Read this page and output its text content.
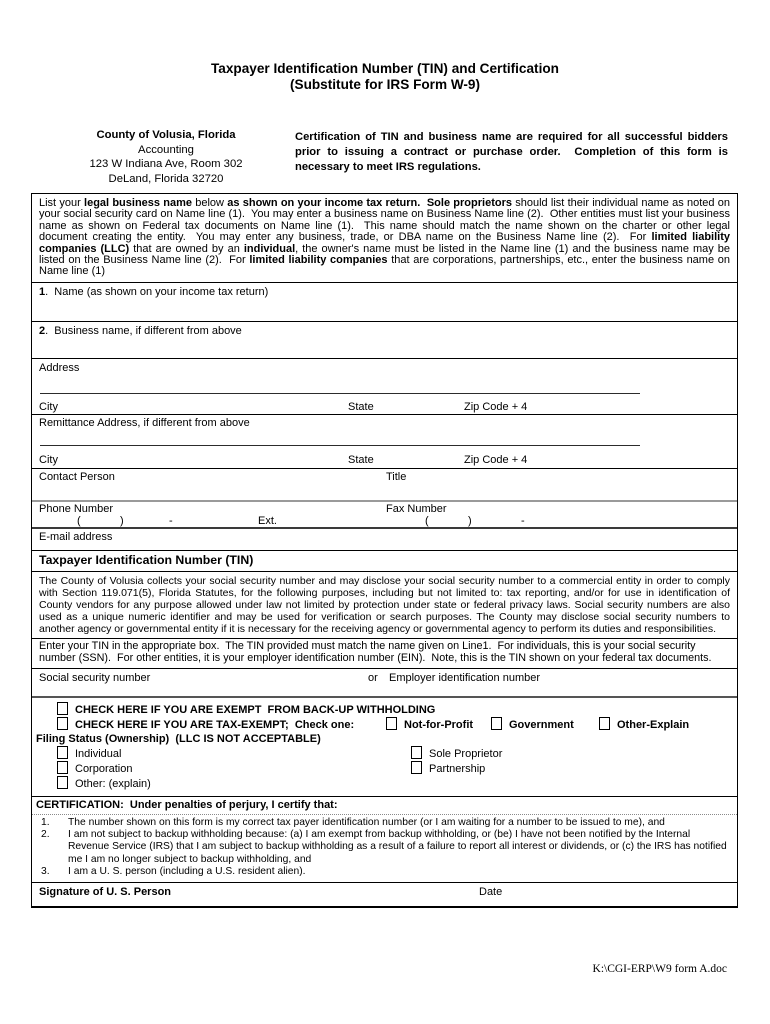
Taxpayer Identification Number (TIN) and Certification
(Substitute for IRS Form W-9)
County of Volusia, Florida
Accounting
123 W Indiana Ave, Room 302
DeLand, Florida 32720
Certification of TIN and business name are required for all successful bidders prior to issuing a contract or purchase order.  Completion of this form is necessary to meet IRS regulations.
List your legal business name below as shown on your income tax return.  Sole proprietors should list their individual name as noted on your social security card on Name line (1).  You may enter a business name on Business Name line (2).  Other entities must list your business name as shown on Federal tax documents on Name line (1).  This name should match the name shown on the charter or other legal document creating the entity.  You may enter any business, trade, or DBA name on the Business Name line (2).  For limited liability companies (LLC) that are owned by an individual, the owner's name must be listed in the Name line (1) and the business name may be listed on the Business Name line (2).  For limited liability companies that are corporations, partnerships, etc., enter the business name on Name line (1)

1.  Name (as shown on your income tax return)

2.  Business name, if different from above

Address
City	State	Zip Code + 4
Remittance Address, if different from above
City	State	Zip Code + 4
Contact Person	Title
Phone Number	Fax Number
(	)	-	Ext.	(	)	-
E-mail address
Taxpayer Identification Number (TIN)
The County of Volusia collects your social security number and may disclose your social security number to a commercial entity in order to comply with Section 119.071(5), Florida Statutes, for the following purposes, including but not limited to: tax reporting, and/or for use in identification of County vendors for any purpose allowed under law not limited by protection under state or federal privacy laws. Social security numbers are also used as a unique numeric identifier and may be used for verification or search purposes. The County may disclose social security numbers to another agency or governmental entity if it is necessary for the receiving agency or governmental agency to perform its duties and responsibilities.
Enter your TIN in the appropriate box.  The TIN provided must match the name given on Line1.  For individuals, this is your social security number (SSN).  For other entities, it is your employer identification number (EIN).  Note, this is the TIN shown on your federal tax documents.
Social security number	or Employer identification number
CHECK HERE IF YOU ARE EXEMPT  FROM BACK-UP WITHHOLDING
CHECK HERE IF YOU ARE TAX-EXEMPT;  Check one:	Not-for-Profit	Government	Other-Explain
Filing Status (Ownership)  (LLC IS NOT ACCEPTABLE)
Individual	Sole Proprietor
Corporation	Partnership
Other: (explain)
CERTIFICATION:  Under penalties of perjury, I certify that:
1.	The number shown on this form is my correct tax payer identification number (or I am waiting for a number to be issued to me), and
2.	I am not subject to backup withholding because: (a) I am exempt from backup withholding, or (be) I have not been notified by the Internal Revenue Service (IRS) that I am subject to backup withholding as a result of a failure to report all interest or dividends, or (c) the IRS has notified me I am no longer subject to backup withholding, and
3.	I am a U. S. person (including a U.S. resident alien).
Signature of U. S. Person	Date
K:\CGI-ERP\W9 form A.doc
